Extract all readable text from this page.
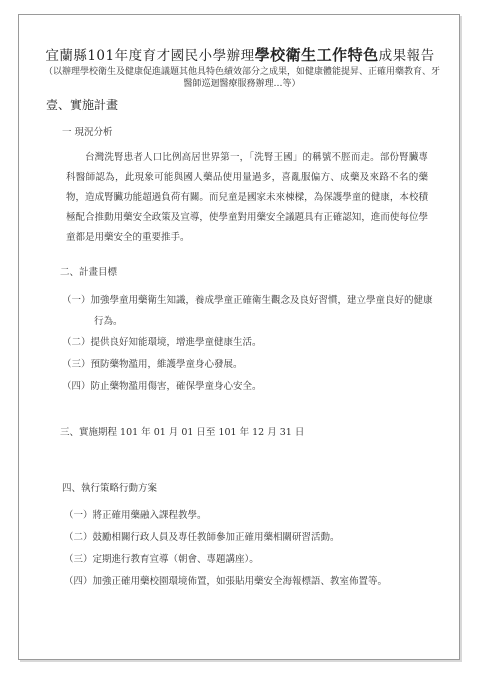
宜蘭縣101年度育才國民小學辦理學校衛生工作特色成果報告
（以辦理學校衛生及健康促進議題其他具特色績效部分之成果，如健康體能提昇、正確用藥教育、牙醫師巡迴醫療服務辦理…等）
壹、實施計畫
一 現況分析
台灣洗腎患者人口比例高居世界第一，「洗腎王國」的稱號不脛而走。部份腎臟專科醫師認為，此現象可能與國人藥品使用量過多，喜亂服偏方、成藥及來路不名的藥物，造成腎臟功能超過負荷有關。而兒童是國家未來棟樑，為保護學童的健康，本校積極配合推動用藥安全政策及宣導，使學童對用藥安全議題具有正確認知，進而使每位學童都是用藥安全的重要推手。
二、計畫目標
（一）加強學童用藥衛生知識，養成學童正確衛生觀念及良好習慣，建立學童良好的健康
行為。
（二）提供良好知能環境，增進學童健康生活。
（三）預防藥物濫用，維護學童身心發展。
（四）防止藥物濫用傷害，確保學童身心安全。
三、實施期程 101 年 01 月 01 日至 101 年 12 月 31 日
四、執行策略行動方案
（一）將正確用藥融入課程教學。
（二）鼓勵相關行政人員及專任教師參加正確用藥相關研習活動。
（三）定期進行教育宣導（朝會、專題講座）。
（四）加強正確用藥校園環境佈置，如張貼用藥安全海報標語、教室佈置等。
